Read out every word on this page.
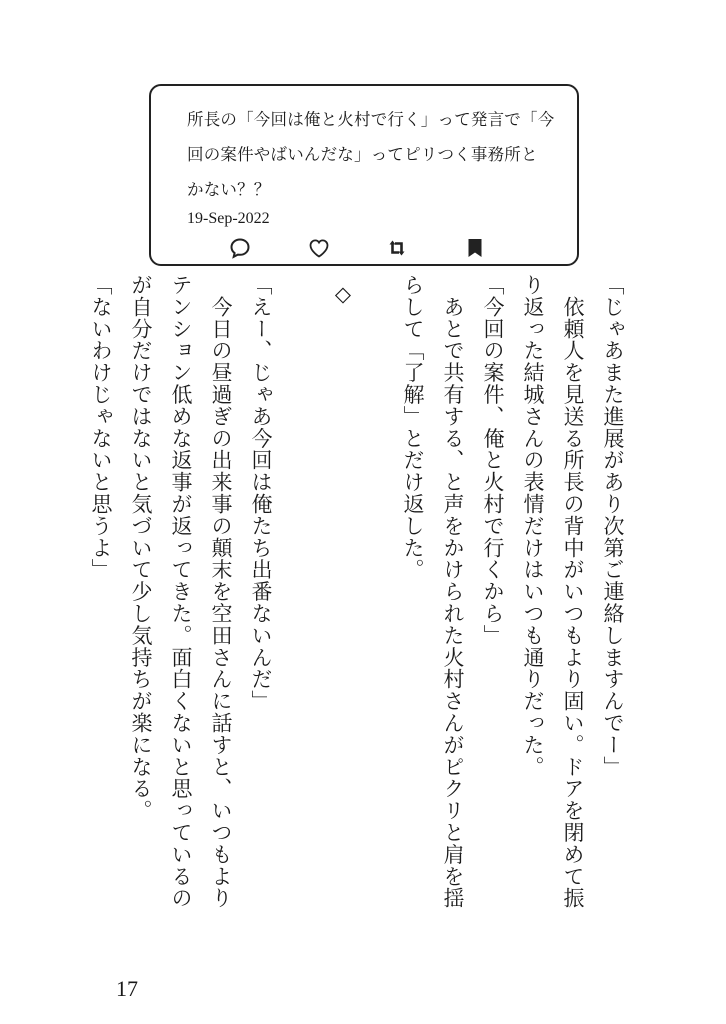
所長の「今回は俺と火村で行く」って発言で「今
回の案件やばいんだな」ってピリつく事務所と
かない？？
19-Sep-2022
「じゃあまた進展があり次第ご連絡しますんでー」
　依頼人を見送る所長の背中がいつもより固い。ドアを閉めて振
り返った結城さんの表情だけはいつも通りだった。
「今回の案件、俺と火村で行くから」
　あとで共有する、と声をかけられた火村さんがピクリと肩を揺
らして「了解」とだけ返した。
◇
「えー、じゃあ今回は俺たち出番ないんだ」
　今日の昼過ぎの出来事の顛末を空田さんに話すと、いつもより
テンション低めな返事が返ってきた。面白くないと思っているの
が自分だけではないと気づいて少し気持ちが楽になる。
「ないわけじゃないと思うよ」
17
